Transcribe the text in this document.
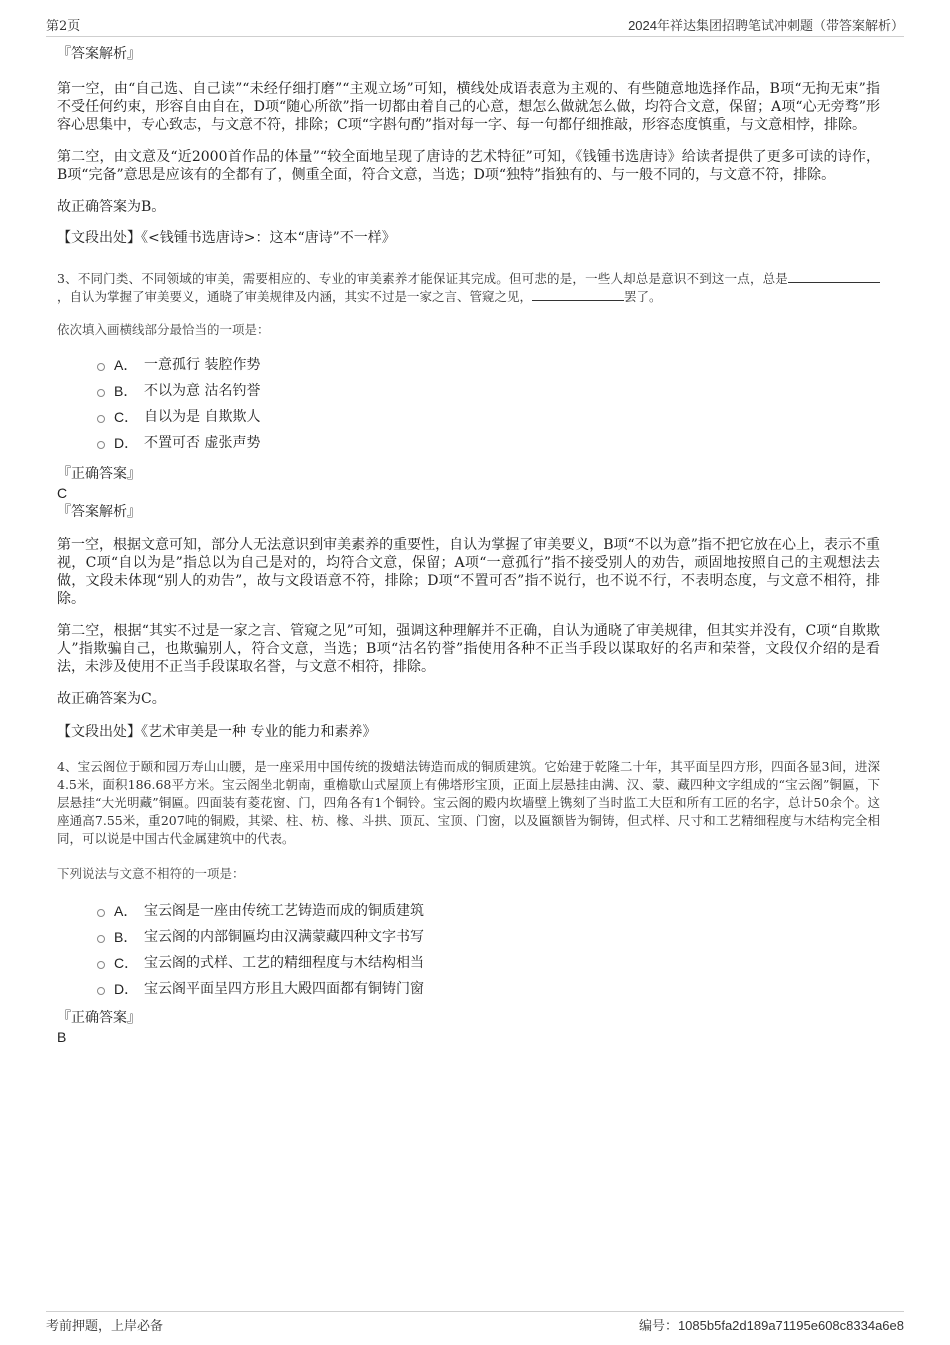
第2页	2024年祥达集团招聘笔试冲刺题（带答案解析）

『答案解析』

第一空，由“自己选、自己读”“未经仔细打磨”“主观立场”可知，横线处成语表意为主观的、有些随意地选择作品，B项“无拘无束”指不受任何约束，形容自由自在，D项“随心所欲”指一切都由着自己的心意，想怎么做就怎么做，均符合文意，保留；A项“心无旁骛”形容心思集中，专心致志，与文意不符，排除；C项“字斟句酌”指对每一字、每一句都仔细推敲，形容态度慎重，与文意相悖，排除。

第二空，由文意及“近2000首作品的体量”“较全面地呈现了唐诗的艺术特征”可知，《钱锺书选唐诗》给读者提供了更多可读的诗作，B项“完备”意思是应该有的全都有了，侧重全面，符合文意，当选；D项“独特”指独有的、与一般不同的，与文意不符，排除。

故正确答案为B。

【文段出处】《<钱锺书选唐诗>：这本“唐诗”不一样》

3、不同门类、不同领域的审美，需要相应的、专业的审美素养才能保证其完成。但可悲的是，一些人却总是意识不到这一点，总是，自认为掌握了审美要义，通晓了审美规律及内涵，其实不过是一家之言、管窥之见，	罢了。

依次填入画横线部分最恰当的一项是：

A． 一意孤行 装腔作势
B． 不以为意 沽名钓誉
C． 自以为是 自欺欺人
D． 不置可否 虚张声势

『正确答案』

C

『答案解析』

第一空，根据文意可知，部分人无法意识到审美素养的重要性，自认为掌握了审美要义，B项“不以为意”指不把它放在心上，表示不重视，C项“自以为是”指总以为自己是对的，均符合文意，保留；A项“一意孤行”指不接受别人的劝告，顽固地按照自己的主观想法去做，文段未体现“别人的劝告”，故与文段语意不符，排除；D项“不置可否”指不说行，也不说不行，不表明态度，与文意不相符，排除。

第二空，根据“其实不过是一家之言、管窥之见”可知，强调这种理解并不正确，自认为通晓了审美规律，但其实并没有，C项“自欺欺人”指欺骗自己，也欺骗别人，符合文意，当选；B项“沽名钓誉”指使用各种不正当手段以谋取好的名声和荣誉，文段仅介绍的是看法，未涉及使用不正当手段谋取名誉，与文意不相符，排除。

故正确答案为C。

【文段出处】《艺术审美是一种 专业的能力和素养》

4、宝云阁位于颐和园万寿山山腰，是一座采用中国传统的拨蜡法铸造而成的铜质建筑。它始建于乾隆二十年，其平面呈四方形，四面各显3间，进深4.5米，面积186.68平方米。宝云阁坐北朝南，重檐歇山式屋顶上有佛塔形宝顶，正面上层悬挂由满、汉、蒙、藏四种文字组成的“宝云阁”铜匾，下层悬挂“大光明藏”铜匾。四面装有菱花窗、门，四角各有1个铜铃。宝云阁的殿内坎墙壁上镌刻了当时监工大臣和所有工匠的名字，总计50余个。这座通高7.55米，重207吨的铜殿，其梁、柱、枋、椽、斗拱、顶瓦、宝顶、门窗，以及匾额皆为铜铸，但式样、尺寸和工艺精细程度与木结构完全相同，可以说是中国古代金属建筑中的代表。

下列说法与文意不相符的一项是：

A． 宝云阁是一座由传统工艺铸造而成的铜质建筑
B． 宝云阁的内部铜匾均由汉满蒙藏四种文字书写
C． 宝云阁的式样、工艺的精细程度与木结构相当
D． 宝云阁平面呈四方形且大殿四面都有铜铸门窗

『正确答案』

B

考前押题，上岸必备	编号：1085b5fa2d189a71195e608c8334a6e8
